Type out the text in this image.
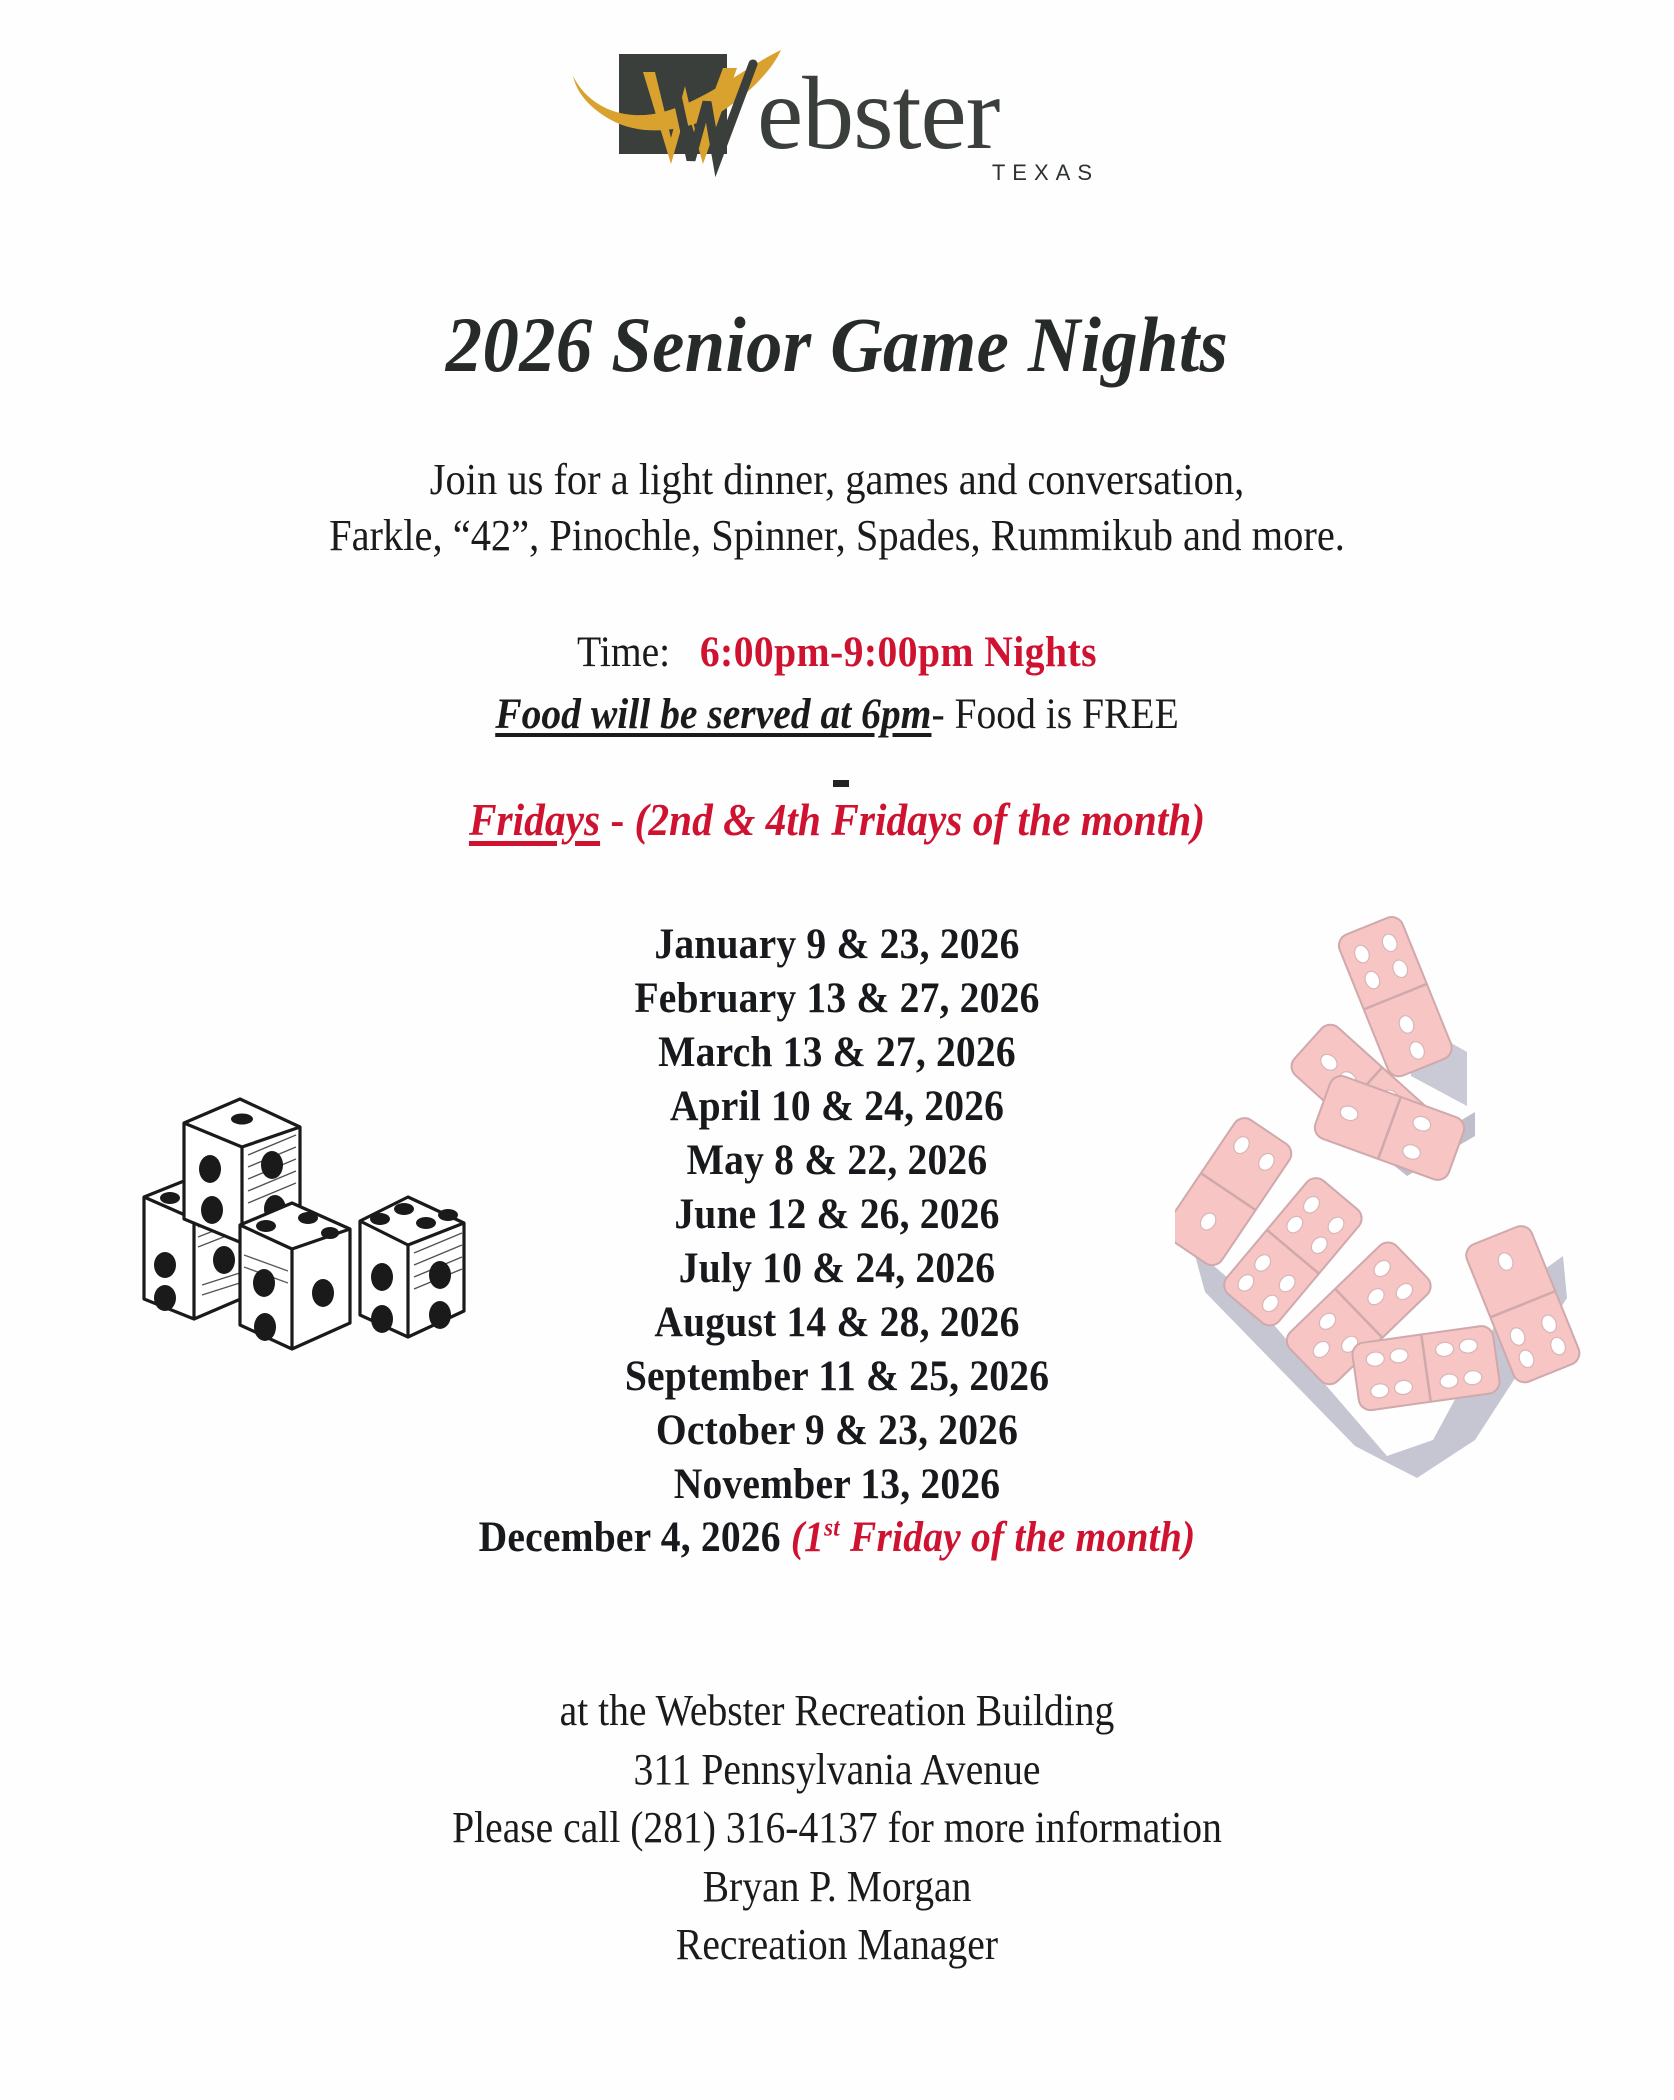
ebster
TEXAS
2026 Senior Game Nights
Join us for a light dinner, games and conversation,
Farkle, “42”, Pinochle, Spinner, Spades, Rummikub and more.
Time: 6:00pm-9:00pm Nights
Food will be served at 6pm- Food is FREE
Fridays - (2nd & 4th Fridays of the month)
January 9 & 23, 2026
February 13 & 27, 2026
March 13 & 27, 2026
April 10 & 24, 2026
May 8 & 22, 2026
June 12 & 26, 2026
July 10 & 24, 2026
August 14 & 28, 2026
September 11 & 25, 2026
October 9 & 23, 2026
November 13, 2026
December 4, 2026 (1st Friday of the month)
at the Webster Recreation Building
311 Pennsylvania Avenue
Please call (281) 316-4137 for more information
Bryan P. Morgan
Recreation Manager
